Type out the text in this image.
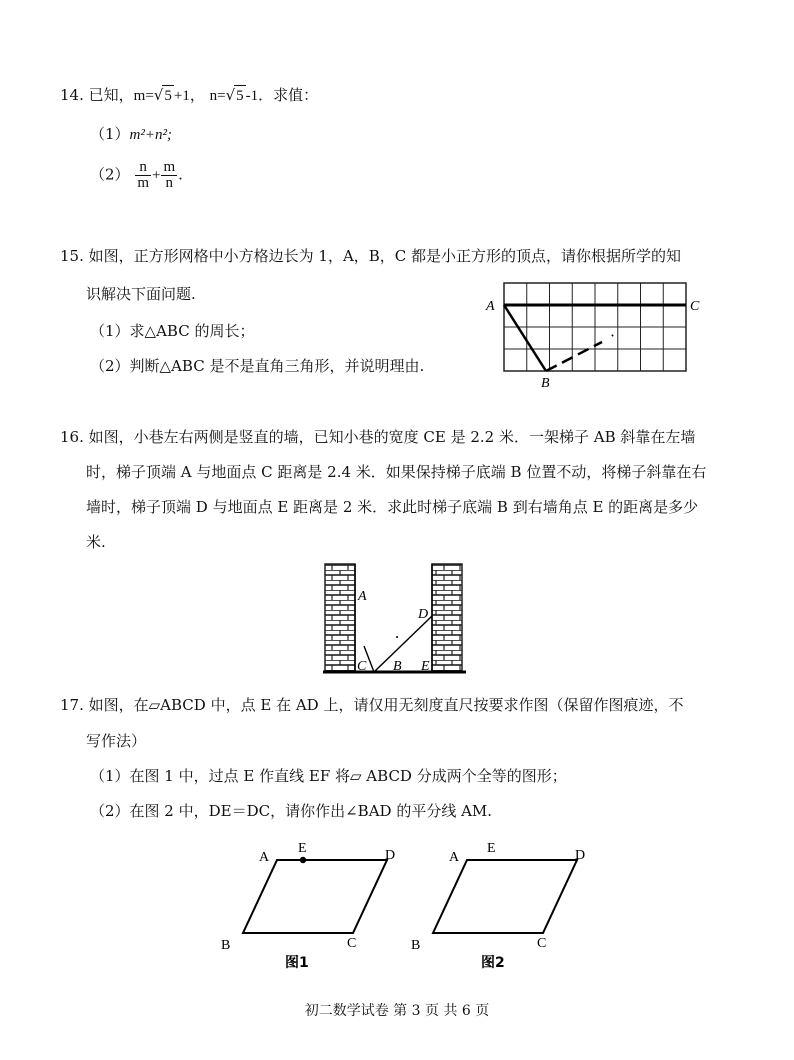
14. 已知，m=√5 +1， n=√5 -1．求值：
（1）m²+n²;
$(2) \frac{n}{m} + \frac{m}{n}$ .
15. 如图，正方形网格中小方格边长为 1，A，B，C 都是小正方形的顶点，请你根据所学的知
识解决下面问题.
（1）求△ABC 的周长；
（2）判断△ABC 是不是直角三角形，并说明理由.
A	C
B
16. 如图，小巷左右两侧是竖直的墙，已知小巷的宽度 CE 是 2.2 米．一架梯子 AB 斜靠在左墙
时，梯子顶端 A 与地面点 C 距离是 2.4 米．如果保持梯子底端 B 位置不动，将梯子斜靠在右
墙时，梯子顶端 D 与地面点 E 距离是 2 米．求此时梯子底端 B 到右墙角点 E 的距离是多少
米.
A
D
C B E
17. 如图，在▱ABCD 中，点 E 在 AD 上，请仅用无刻度直尺按要求作图（保留作图痕迹，不
写作法）
（1）在图 1 中，过点 E 作直线 EF 将▱ ABCD 分成两个全等的图形；
（2）在图 2 中，DE＝DC，请你作出∠BAD 的平分线 AM.
A
E	D
B	C
图1
A
E	D
B	C
图2
初二数学试卷 第 3 页 共 6 页
